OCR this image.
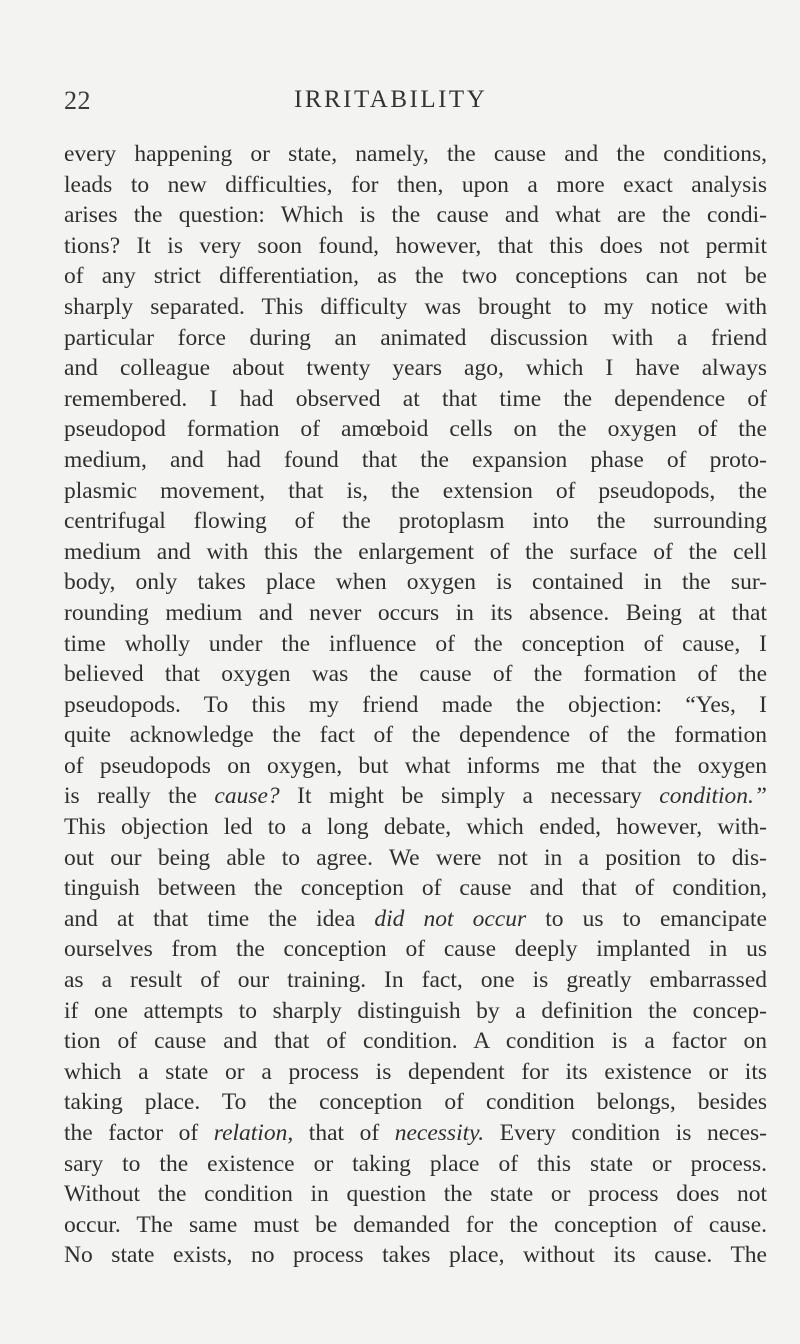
22	IRRITABILITY
every happening or state, namely, the cause and the conditions,
leads to new difficulties, for then, upon a more exact analysis
arises the question: Which is the cause and what are the condi-
tions? It is very soon found, however, that this does not permit
of any strict differentiation, as the two conceptions can not be
sharply separated. This difficulty was brought to my notice with
particular force during an animated discussion with a friend
and colleague about twenty years ago, which I have always
remembered. I had observed at that time the dependence of
pseudopod formation of amœboid cells on the oxygen of the
medium, and had found that the expansion phase of proto-
plasmic movement, that is, the extension of pseudopods, the
centrifugal flowing of the protoplasm into the surrounding
medium and with this the enlargement of the surface of the cell
body, only takes place when oxygen is contained in the sur-
rounding medium and never occurs in its absence. Being at that
time wholly under the influence of the conception of cause, I
believed that oxygen was the cause of the formation of the
pseudopods. To this my friend made the objection: “Yes, I
quite acknowledge the fact of the dependence of the formation
of pseudopods on oxygen, but what informs me that the oxygen
is really the cause? It might be simply a necessary condition.”
This objection led to a long debate, which ended, however, with-
out our being able to agree. We were not in a position to dis-
tinguish between the conception of cause and that of condition,
and at that time the idea did not occur to us to emancipate
ourselves from the conception of cause deeply implanted in us
as a result of our training. In fact, one is greatly embarrassed
if one attempts to sharply distinguish by a definition the concep-
tion of cause and that of condition. A condition is a factor on
which a state or a process is dependent for its existence or its
taking place. To the conception of condition belongs, besides
the factor of relation, that of necessity. Every condition is neces-
sary to the existence or taking place of this state or process.
Without the condition in question the state or process does not
occur. The same must be demanded for the conception of cause.
No state exists, no process takes place, without its cause. The
